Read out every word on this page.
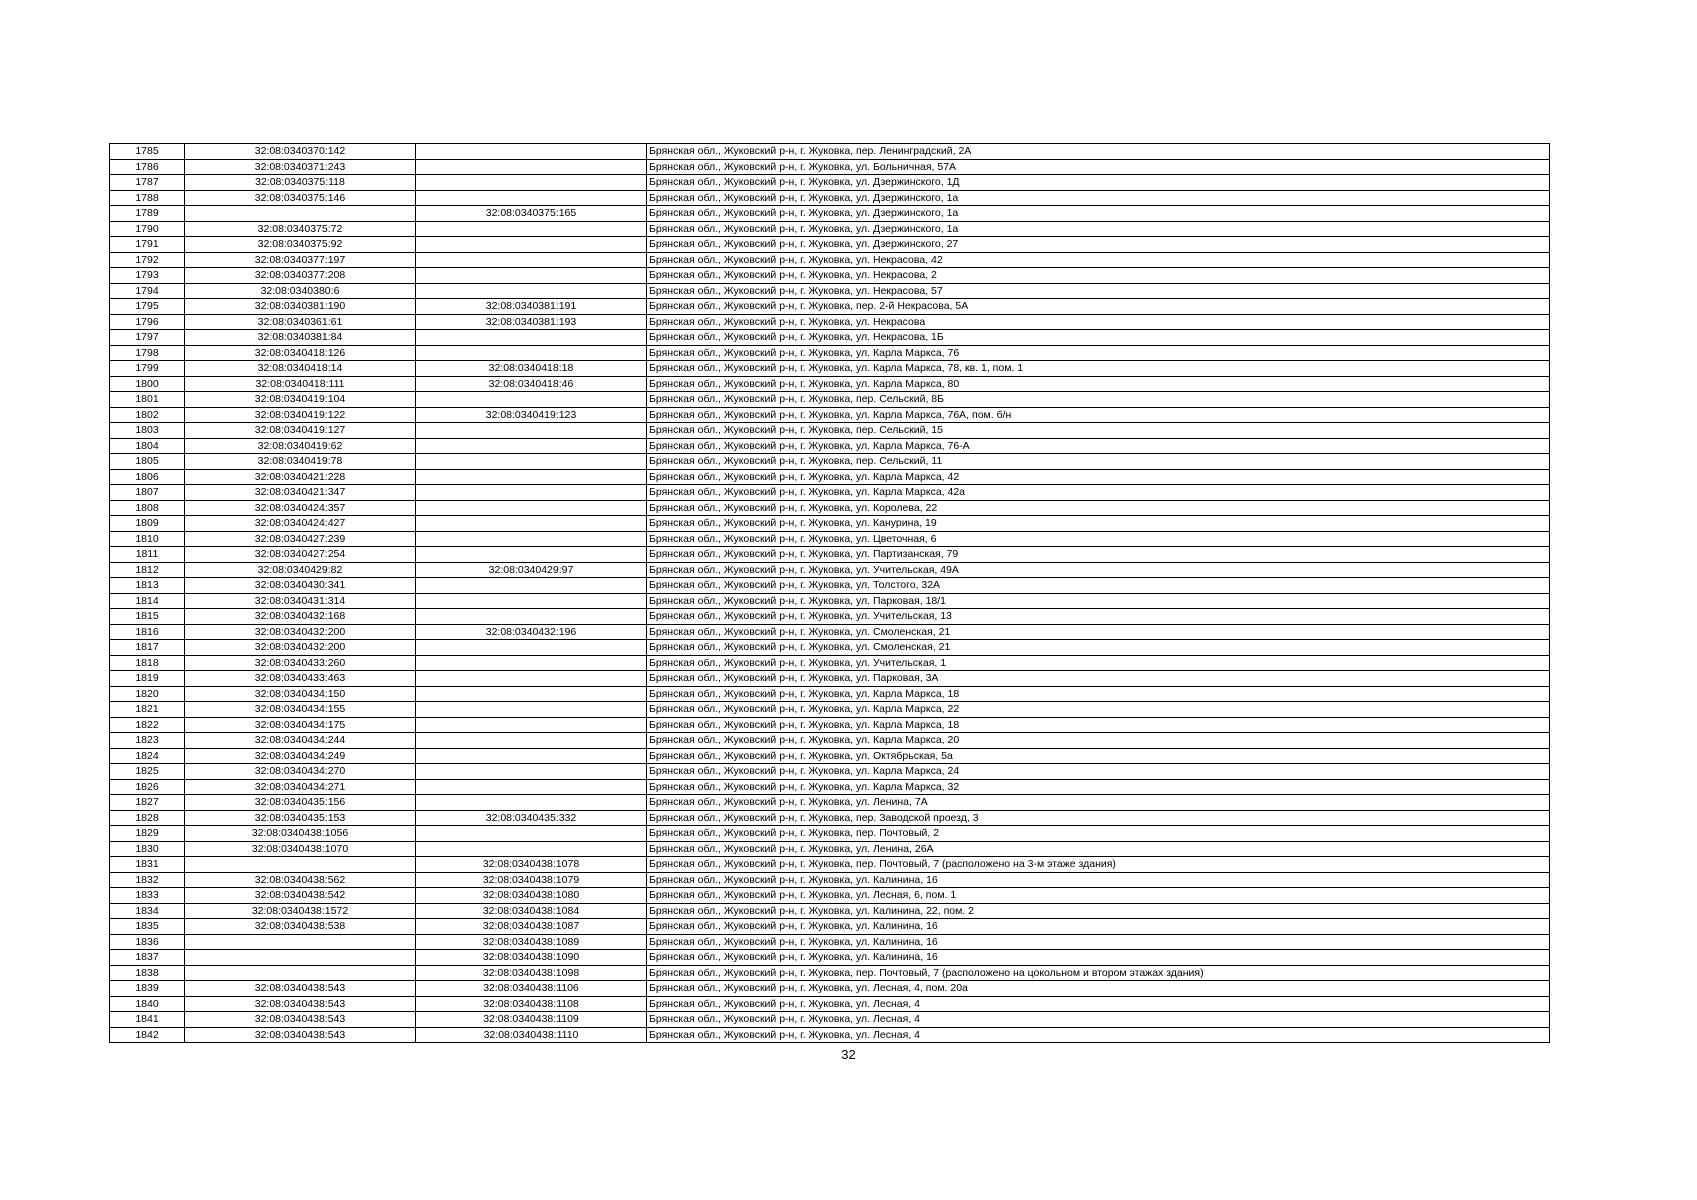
1785	32:08:0340370:142		Брянская обл., Жуковский р-н, г. Жуковка, пер. Ленинградский, 2А
1786	32:08:0340371:243		Брянская обл., Жуковский р-н, г. Жуковка, ул. Больничная, 57А
1787	32:08:0340375:118		Брянская обл., Жуковский р-н, г. Жуковка, ул. Дзержинского, 1Д
1788	32:08:0340375:146		Брянская обл., Жуковский р-н, г. Жуковка, ул. Дзержинского, 1а
1789		32:08:0340375:165	Брянская обл., Жуковский р-н, г. Жуковка, ул. Дзержинского, 1а
1790	32:08:0340375:72		Брянская обл., Жуковский р-н, г. Жуковка, ул. Дзержинского, 1а
1791	32:08:0340375:92		Брянская обл., Жуковский р-н, г. Жуковка, ул. Дзержинского, 27
1792	32:08:0340377:197		Брянская обл., Жуковский р-н, г. Жуковка, ул. Некрасова, 42
1793	32:08:0340377:208		Брянская обл., Жуковский р-н, г. Жуковка, ул. Некрасова, 2
1794	32:08:0340380:6		Брянская обл., Жуковский р-н, г. Жуковка, ул. Некрасова, 57
1795	32:08:0340381:190	32:08:0340381:191	Брянская обл., Жуковский р-н, г. Жуковка, пер. 2-й Некрасова, 5А
1796	32:08:0340361:61	32:08:0340381:193	Брянская обл., Жуковский р-н, г. Жуковка, ул. Некрасова
1797	32:08:0340381:84		Брянская обл., Жуковский р-н, г. Жуковка, ул. Некрасова, 1Б
1798	32:08:0340418:126		Брянская обл., Жуковский р-н, г. Жуковка, ул. Карла Маркса, 76
1799	32:08:0340418:14	32:08:0340418:18	Брянская обл., Жуковский р-н, г. Жуковка, ул. Карла Маркса, 78, кв. 1, пом. 1
1800	32:08:0340418:111	32:08:0340418:46	Брянская обл., Жуковский р-н, г. Жуковка, ул. Карла Маркса, 80
1801	32:08:0340419:104		Брянская обл., Жуковский р-н, г. Жуковка, пер. Сельский, 8Б
1802	32:08:0340419:122	32:08:0340419:123	Брянская обл., Жуковский р-н, г. Жуковка, ул. Карла Маркса, 76А, пом. б/н
1803	32:08:0340419:127		Брянская обл., Жуковский р-н, г. Жуковка, пер. Сельский, 15
1804	32:08:0340419:62		Брянская обл., Жуковский р-н, г. Жуковка, ул. Карла Маркса, 76-А
1805	32:08:0340419:78		Брянская обл., Жуковский р-н, г. Жуковка, пер. Сельский, 11
1806	32:08:0340421:228		Брянская обл., Жуковский р-н, г. Жуковка, ул. Карла Маркса, 42
1807	32:08:0340421:347		Брянская обл., Жуковский р-н, г. Жуковка, ул. Карла Маркса, 42а
1808	32:08:0340424:357		Брянская обл., Жуковский р-н, г. Жуковка, ул. Королева, 22
1809	32:08:0340424:427		Брянская обл., Жуковский р-н, г. Жуковка, ул. Канурина, 19
1810	32:08:0340427:239		Брянская обл., Жуковский р-н, г. Жуковка, ул. Цветочная, 6
1811	32:08:0340427:254		Брянская обл., Жуковский р-н, г. Жуковка, ул. Партизанская, 79
1812	32:08:0340429:82	32:08:0340429:97	Брянская обл., Жуковский р-н, г. Жуковка, ул. Учительская, 49А
1813	32:08:0340430:341		Брянская обл., Жуковский р-н, г. Жуковка, ул. Толстого, 32А
1814	32:08:0340431:314		Брянская обл., Жуковский р-н, г. Жуковка, ул. Парковая, 18/1
1815	32:08:0340432:168		Брянская обл., Жуковский р-н, г. Жуковка, ул. Учительская, 13
1816	32:08:0340432:200	32:08:0340432:196	Брянская обл., Жуковский р-н, г. Жуковка, ул. Смоленская, 21
1817	32:08:0340432:200		Брянская обл., Жуковский р-н, г. Жуковка, ул. Смоленская, 21
1818	32:08:0340433:260		Брянская обл., Жуковский р-н, г. Жуковка, ул. Учительская, 1
1819	32:08:0340433:463		Брянская обл., Жуковский р-н, г. Жуковка, ул. Парковая, 3А
1820	32:08:0340434:150		Брянская обл., Жуковский р-н, г. Жуковка, ул. Карла Маркса, 18
1821	32:08:0340434:155		Брянская обл., Жуковский р-н, г. Жуковка, ул. Карла Маркса, 22
1822	32:08:0340434:175		Брянская обл., Жуковский р-н, г. Жуковка, ул. Карла Маркса, 18
1823	32:08:0340434:244		Брянская обл., Жуковский р-н, г. Жуковка, ул. Карла Маркса, 20
1824	32:08:0340434:249		Брянская обл., Жуковский р-н, г. Жуковка, ул. Октябрьская, 5а
1825	32:08:0340434:270		Брянская обл., Жуковский р-н, г. Жуковка, ул. Карла Маркса, 24
1826	32:08:0340434:271		Брянская обл., Жуковский р-н, г. Жуковка, ул. Карла Маркса, 32
1827	32:08:0340435:156		Брянская обл., Жуковский р-н, г. Жуковка, ул. Ленина, 7А
1828	32:08:0340435:153	32:08:0340435:332	Брянская обл., Жуковский р-н, г. Жуковка, пер. Заводской проезд, 3
1829	32:08:0340438:1056		Брянская обл., Жуковский р-н, г. Жуковка, пер. Почтовый, 2
1830	32:08:0340438:1070		Брянская обл., Жуковский р-н, г. Жуковка, ул. Ленина, 26А
1831		32:08:0340438:1078	Брянская обл., Жуковский р-н, г. Жуковка, пер. Почтовый, 7 (расположено на 3-м этаже здания)
1832	32:08:0340438:562	32:08:0340438:1079	Брянская обл., Жуковский р-н, г. Жуковка, ул. Калинина, 16
1833	32:08:0340438:542	32:08:0340438:1080	Брянская обл., Жуковский р-н, г. Жуковка, ул. Лесная, 6, пом. 1
1834	32:08:0340438:1572	32:08:0340438:1084	Брянская обл., Жуковский р-н, г. Жуковка, ул. Калинина, 22, пом. 2
1835	32:08:0340438:538	32:08:0340438:1087	Брянская обл., Жуковский р-н, г. Жуковка, ул. Калинина, 16
1836		32:08:0340438:1089	Брянская обл., Жуковский р-н, г. Жуковка, ул. Калинина, 16
1837		32:08:0340438:1090	Брянская обл., Жуковский р-н, г. Жуковка, ул. Калинина, 16
1838		32:08:0340438:1098	Брянская обл., Жуковский р-н, г. Жуковка, пер. Почтовый, 7 (расположено на цокольном и втором этажах здания)
1839	32:08:0340438:543	32:08:0340438:1106	Брянская обл., Жуковский р-н, г. Жуковка, ул. Лесная, 4, пом. 20а
1840	32:08:0340438:543	32:08:0340438:1108	Брянская обл., Жуковский р-н, г. Жуковка, ул. Лесная, 4
1841	32:08:0340438:543	32:08:0340438:1109	Брянская обл., Жуковский р-н, г. Жуковка, ул. Лесная, 4
1842	32:08:0340438:543	32:08:0340438:1110	Брянская обл., Жуковский р-н, г. Жуковка, ул. Лесная, 4
32
